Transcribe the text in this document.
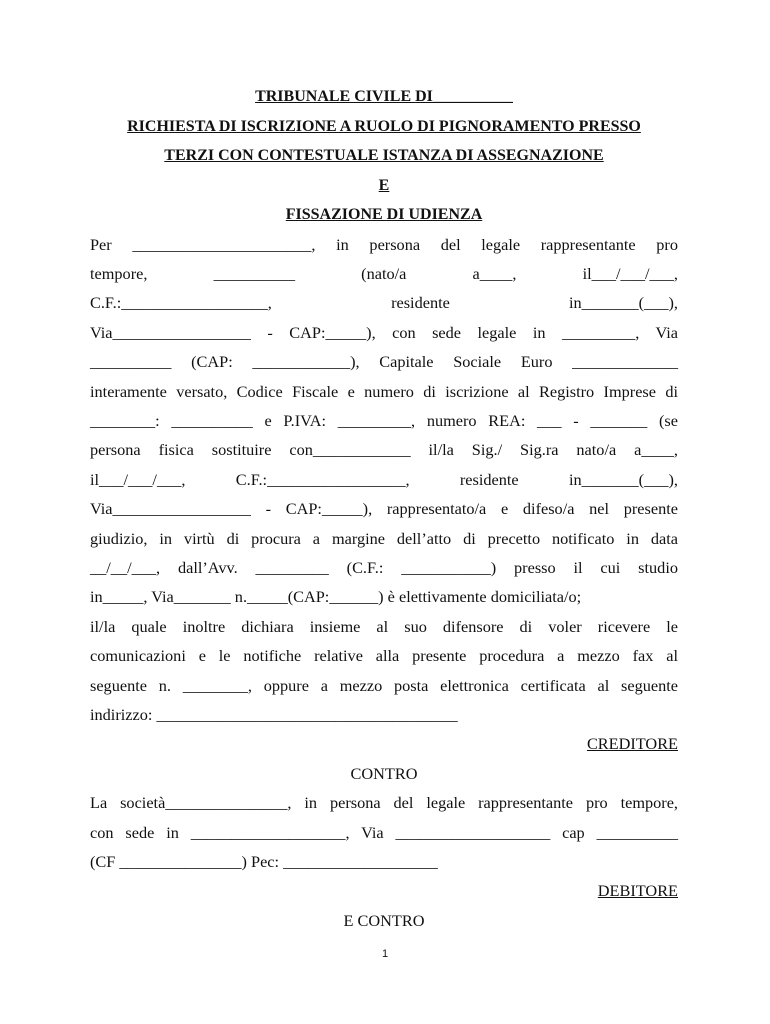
TRIBUNALE CIVILE DI__________
RICHIESTA DI ISCRIZIONE A RUOLO DI PIGNORAMENTO PRESSO
TERZI CON CONTESTUALE ISTANZA DI ASSEGNAZIONE
E
FISSAZIONE DI UDIENZA
Per ______________________, in persona del legale rappresentante pro
tempore, __________ (nato/a a____, il___/___/___,
C.F.:__________________, residente in_______(___),
Via_________________ - CAP:_____), con sede legale in _________, Via
__________ (CAP: ____________), Capitale Sociale Euro _____________
interamente versato, Codice Fiscale e numero di iscrizione al Registro Imprese di
________: __________ e P.IVA: _________, numero REA: ___ - _______ (se
persona fisica sostituire con____________ il/la Sig./ Sig.ra nato/a a____,
il___/___/___, C.F.:_________________, residente in_______(___),
Via_________________ - CAP:_____), rappresentato/a e difeso/a nel presente
giudizio, in virtù di procura a margine dell’atto di precetto notificato in data
__/__/___, dall’Avv. _________ (C.F.: ___________) presso il cui studio
in_____, Via_______ n._____(CAP:______) è elettivamente domiciliata/o;
il/la quale inoltre dichiara insieme al suo difensore di voler ricevere le
comunicazioni e le notifiche relative alla presente procedura a mezzo fax al
seguente n. ________, oppure a mezzo posta elettronica certificata al seguente
indirizzo: _____________________________________

CREDITORE

CONTRO

La società_______________, in persona del legale rappresentante pro tempore,
con sede in ___________________, Via ___________________ cap __________
(CF _______________) Pec: ___________________

DEBITORE

E CONTRO

1
